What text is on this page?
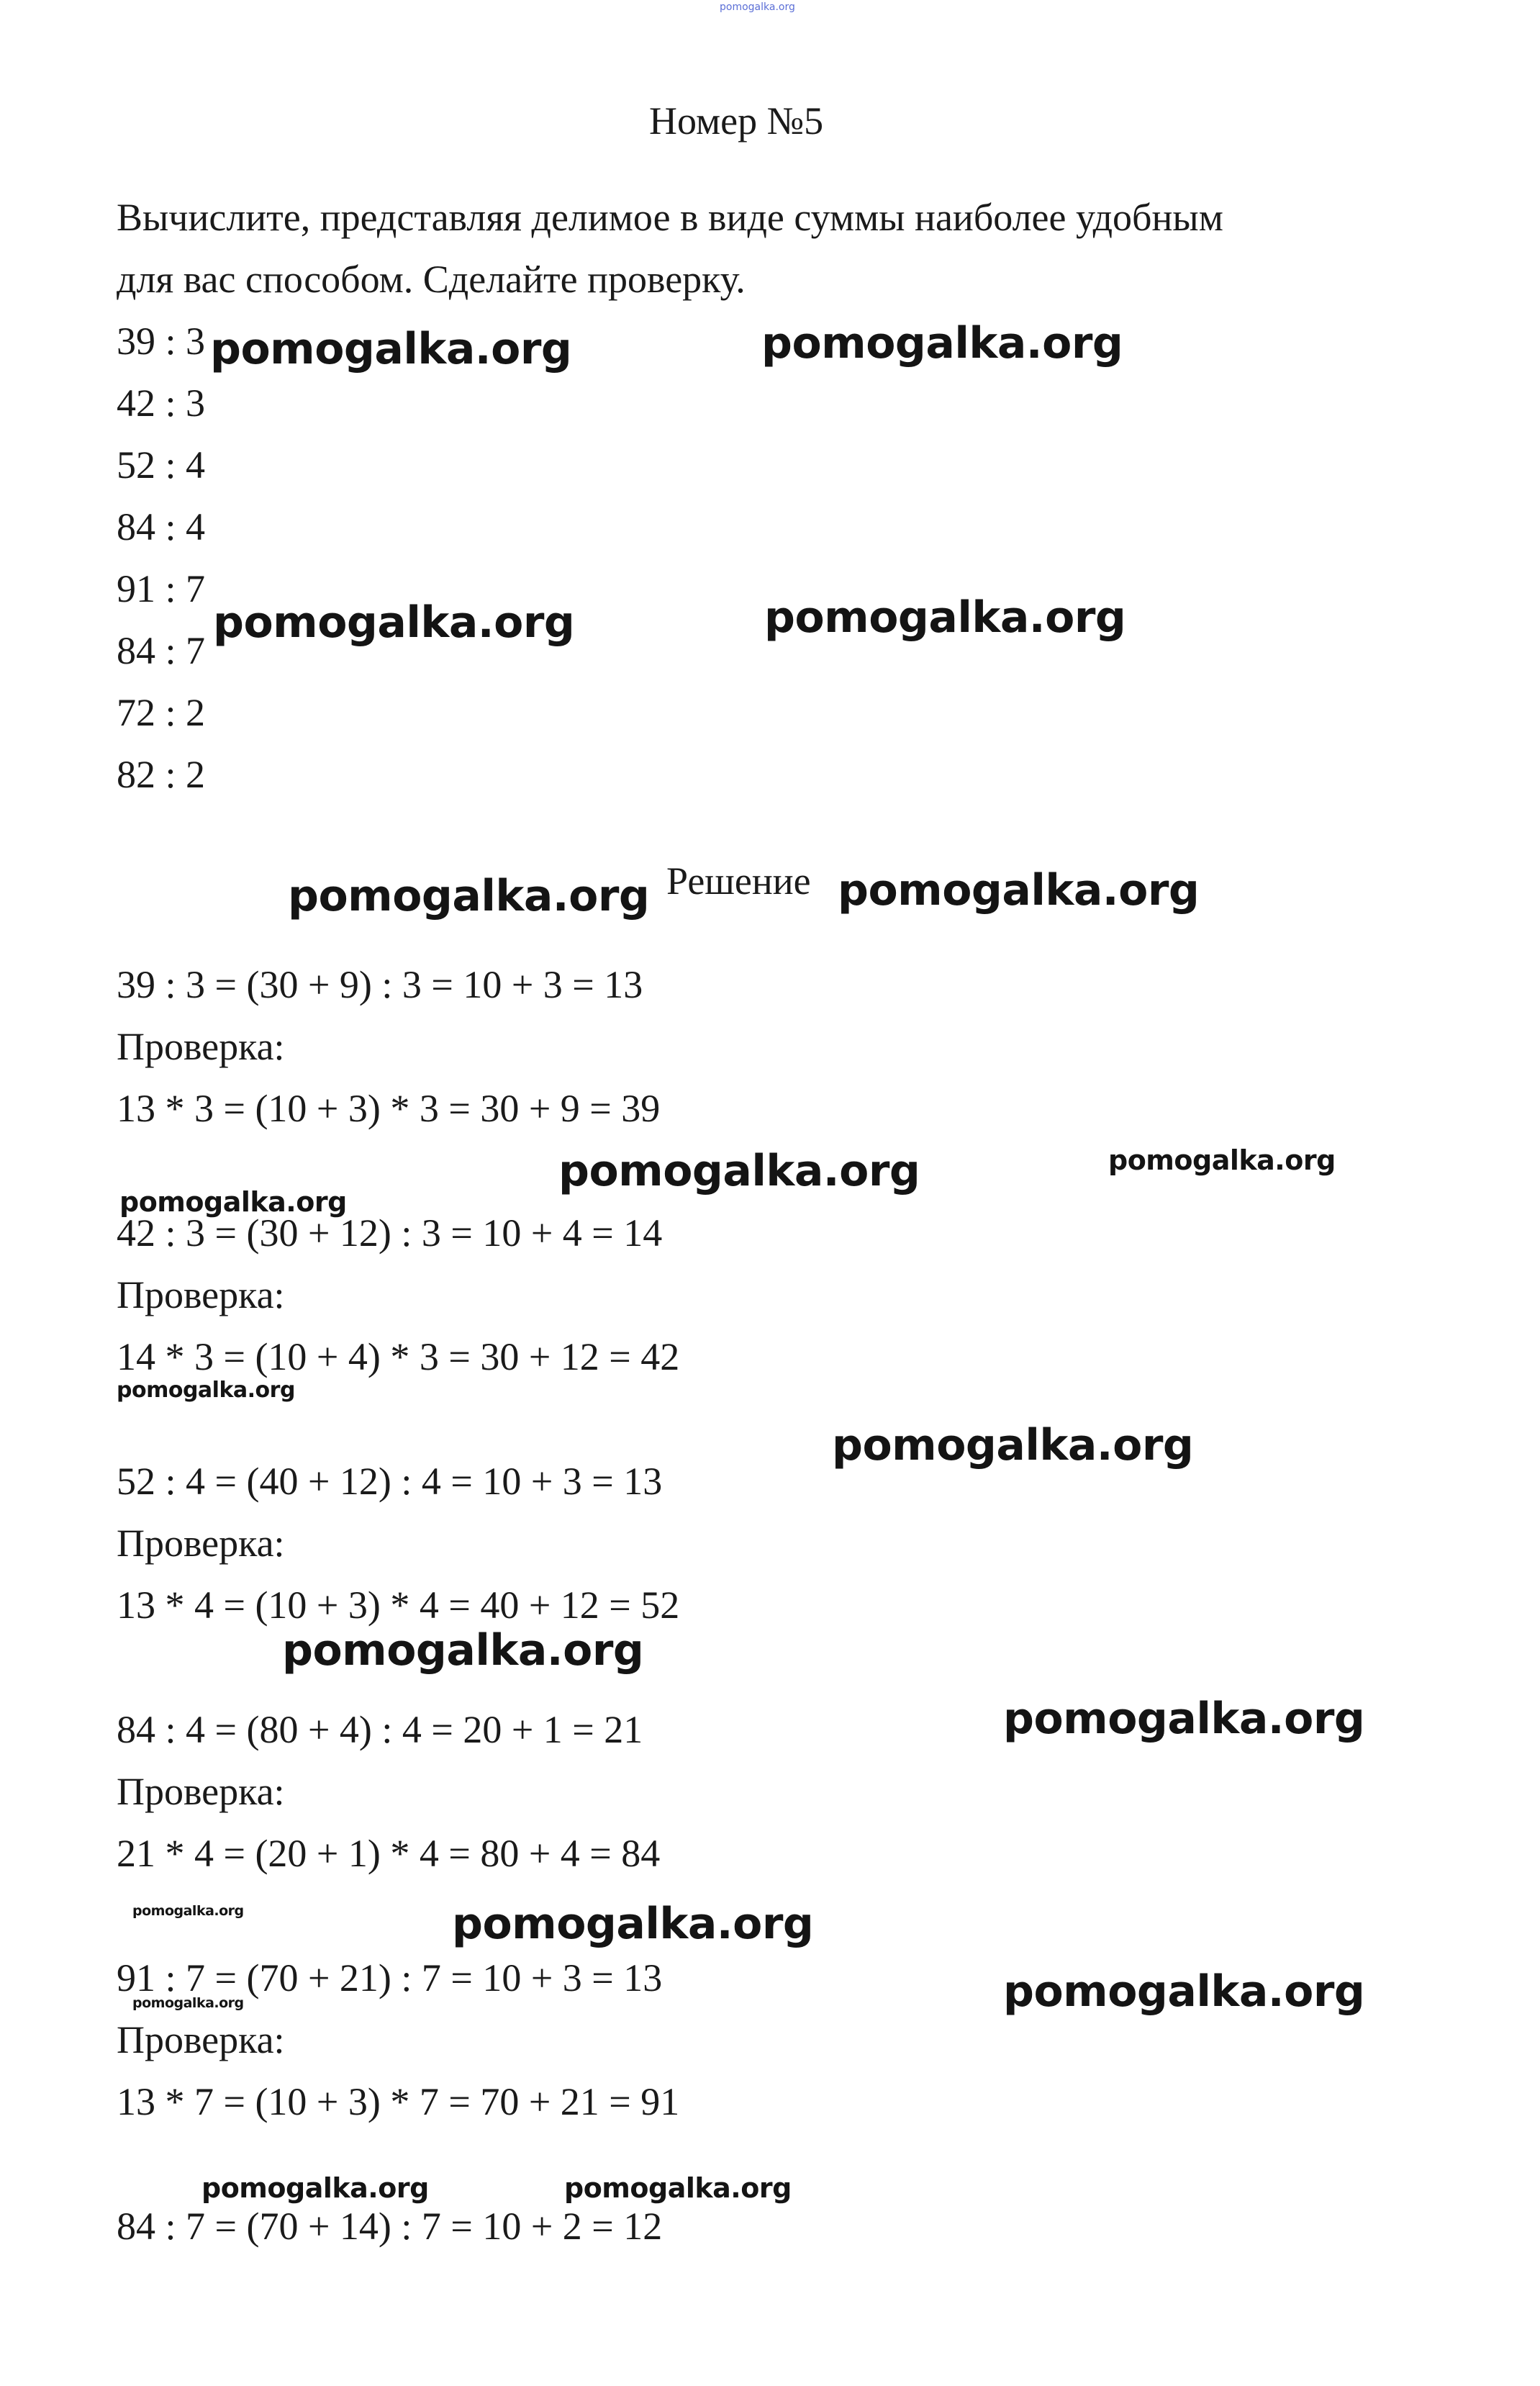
pomogalka.org
Номер №5
Вычислите, представляя делимое в виде суммы наиболее удобным
для вас способом. Сделайте проверку.
39 : 3
42 : 3
52 : 4
84 : 4
91 : 7
84 : 7
72 : 2
82 : 2
Решение
39 : 3 = (30 + 9) : 3 = 10 + 3 = 13
Проверка:
13 * 3 = (10 + 3) * 3 = 30 + 9 = 39
42 : 3 = (30 + 12) : 3 = 10 + 4 = 14
Проверка:
14 * 3 = (10 + 4) * 3 = 30 + 12 = 42
52 : 4 = (40 + 12) : 4 = 10 + 3 = 13
Проверка:
13 * 4 = (10 + 3) * 4 = 40 + 12 = 52
84 : 4 = (80 + 4) : 4 = 20 + 1 = 21
Проверка:
21 * 4 = (20 + 1) * 4 = 80 + 4 = 84
91 : 7 = (70 + 21) : 7 = 10 + 3 = 13
Проверка:
13 * 7 = (10 + 3) * 7 = 70 + 21 = 91
84 : 7 = (70 + 14) : 7 = 10 + 2 = 12
pomogalka.org	pomogalka.org
pomogalka.org	pomogalka.org
pomogalka.org	pomogalka.org
pomogalka.org	pomogalka.org
pomogalka.org
pomogalka.org
pomogalka.org
pomogalka.org
pomogalka.org
pomogalka.org	pomogalka.org
pomogalka.org	pomogalka.org
pomogalka.org	pomogalka.org
